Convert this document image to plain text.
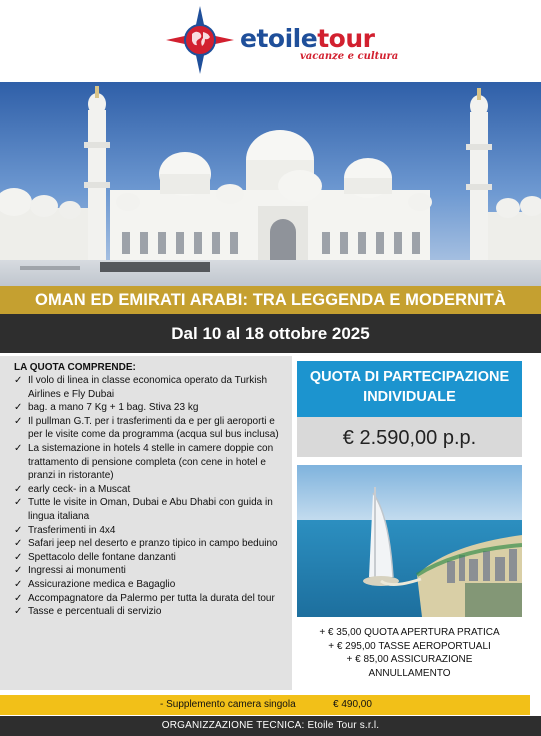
etoiletour
vacanze e cultura
OMAN ED EMIRATI ARABI: TRA LEGGENDA E MODERNITÀ
Dal 10 al 18 ottobre 2025
LA QUOTA COMPRENDE:
✓ Il volo di linea in classe economica operato da Turkish Airlines e Fly Dubai
✓ bag. a mano 7 Kg + 1 bag. Stiva 23 kg
✓ Il pullman G.T. per i trasferimenti da e per gli aeroporti e per le visite come da programma (acqua sul bus inclusa)
✓ La sistemazione in hotels 4 stelle in camere doppie con trattamento di pensione completa (con cene in hotel e pranzi in ristorante)
✓ early ceck- in a Muscat
✓ Tutte le visite in Oman, Dubai e Abu Dhabi con guida in lingua italiana
✓ Trasferimenti in 4x4
✓ Safari jeep nel deserto e pranzo tipico in campo beduino
✓ Spettacolo delle fontane danzanti
✓ Ingressi ai monumenti
✓ Assicurazione medica e Bagaglio
✓ Accompagnatore da Palermo per tutta la durata del tour
✓ Tasse e percentuali di servizio
QUOTA DI PARTECIPAZIONE
INDIVIDUALE
€ 2.590,00 p.p.
+ € 35,00 QUOTA APERTURA PRATICA
+ € 295,00 TASSE AEROPORTUALI
+ € 85,00 ASSICURAZIONE
ANNULLAMENTO
- Supplemento camera singola	€ 490,00
ORGANIZZAZIONE TECNICA: Etoile Tour s.r.l.
